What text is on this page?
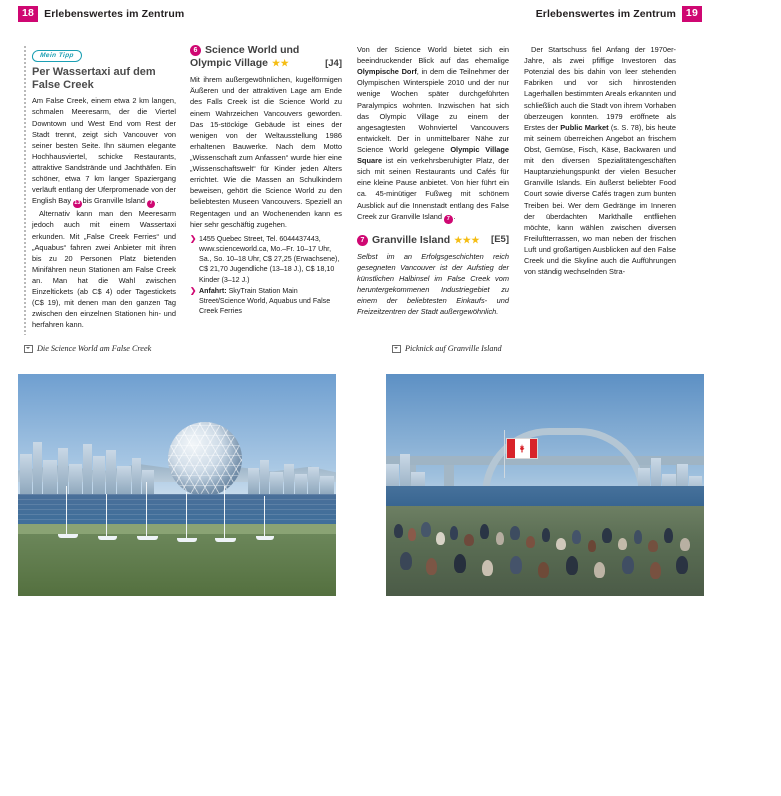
18 Erlebenswertes im Zentrum	Erlebenswertes im Zentrum 19
Mein Tipp
Per Wassertaxi auf dem
False Creek

Am False Creek, einem etwa 2 km langen, schmalen Meeresarm, der die Viertel Downtown und West End vom Rest der Stadt trennt, zeigt sich Vancouver von seiner besten Seite. Ihn säumen elegante Hochhausviertel, schicke Restaurants, attraktive Sandstrände und Jachthäfen. Ein schöner, etwa 7 km langer Spaziergang verläuft entlang der Uferpromenade von der English Bay 13 bis Granville Island 7 .

Alternativ kann man den Meeresarm jedoch auch mit einem Wassertaxi erkunden. Mit „False Creek Ferries“ und „Aquabus“ fahren zwei Anbieter mit ihren bis zu 20 Personen Platz bietenden Minifähren neun Stationen am False Creek an. Man hat die Wahl zwischen Einzeltickets (ab C$ 4) oder Tagestickets (C$ 19), mit denen man den ganzen Tag zwischen den einzelnen Stationen hin- und herfahren kann.

6 Science World und
Olympic Village ★★	[J4]

Mit ihrem außergewöhnlichen, kugelförmigen Äußeren und der attraktiven Lage am Ende des Falls Creek ist die Science World zu einem Wahrzeichen Vancouvers geworden. Das 15-stöckige Gebäude ist eines der wenigen von der Weltausstellung 1986 erhaltenen Bauwerke. Nach dem Motto „Wissenschaft zum Anfassen“ wurde hier eine „Wissenschaftswelt“ für Kinder jeden Alters errichtet. Wie die Massen an Schulkindern beweisen, gehört die Science World zu den beliebtesten Museen Vancouvers. Speziell an Regentagen und an Wochenenden kann es hier sehr geschäftig zugehen.

❯ 1455 Quebec Street, Tel. 6044437443, www.scienceworld.ca, Mo.–Fr. 10–17 Uhr, Sa., So. 10–18 Uhr, C$ 27,25 (Erwachsene), C$ 21,70 Jugendliche (13–18 J.), C$ 18,10 Kinder (3–12 J.)
❯ Anfahrt: SkyTrain Station Main Street/Science World, Aquabus und False Creek Ferries

Von der Science World bietet sich ein beeindruckender Blick auf das ehemalige Olympische Dorf, in dem die Teilnehmer der Olympischen Winterspiele 2010 und der nur wenige Wochen später durchgeführten Paralympics wohnten. Inzwischen hat sich das Olympic Village zu einem der angesagtesten Wohnviertel Vancouvers entwickelt. Der in unmittelbarer Nähe zur Science World gelegene Olympic Village Square ist ein verkehrsberuhigter Platz, der sich mit seinen Restaurants und Cafés für eine kleine Pause anbietet. Von hier führt ein ca. 45-minütiger Fußweg mit schönem Ausblick auf die Innenstadt entlang des False Creek zur Granville Island 7 .

7 Granville Island ★★★ [E5]

Selbst im an Erfolgsgeschichten reich gesegneten Vancouver ist der Aufstieg der künstlichen Halbinsel im False Creek vom heruntergekommenen Industriegebiet zu einem der beliebtesten Einkaufs- und Freizeitzentren der Stadt außergewöhnlich.

Der Startschuss fiel Anfang der 1970er-Jahre, als zwei pfiffige Investoren das Potenzial des bis dahin von leer stehenden Fabriken und vor sich hinrostenden Lagerhallen bestimmten Areals erkannten und schließlich auch die Stadt von ihrem Vorhaben überzeugen konnten. 1979 eröffnete als Erstes der Public Market (s. S. 78), bis heute mit seinem überreichen Angebot an frischem Obst, Gemüse, Fisch, Käse, Backwaren und mit den diversen Spezialitätengeschäften Hauptanziehungspunkt der vielen Besucher Granville Islands. Ein äußerst beliebter Food Court sowie diverse Cafés tragen zum bunten Treiben bei. Wer dem Gedränge im Inneren der überdachten Markthalle entfliehen möchte, kann wählen zwischen diversen Freiluftterrassen, wo man neben der frischen Luft und großartigen Ausblicken auf den False Creek und die Skyline auch die Aufführungen von ständig wechselnden Stra-

Die Science World am False Creek	Picknick auf Granville Island
OHZVH, KML/116	OHZVH, KML/116
